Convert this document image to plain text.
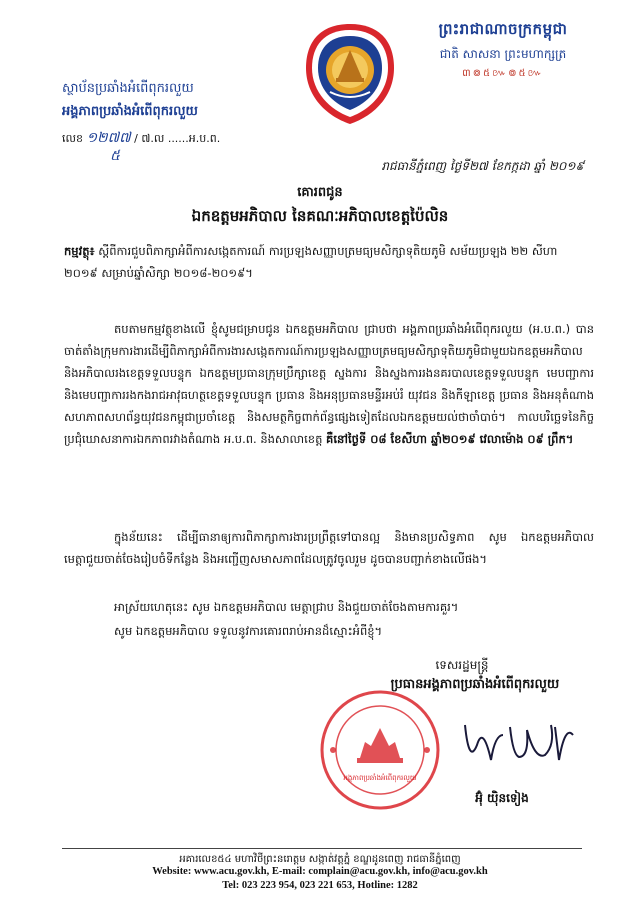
ព្រះរាជាណាចក្រកម្ពុជា
ជាតិ សាសនា ព្រះមហាក្សត្រ
៣៙៥៚៙៥៚
ស្ថាប័នប្រឆាំងអំពើពុករលួយ
អង្គភាពប្រឆាំងអំពើពុករលួយ
លេខ ១២៧៧ / ៧.ល ......អ.ប.ព.
៥
រាជធានីភ្នំពេញ ថ្ងៃទី២៧ ខែកក្កដា ឆ្នាំ ២០១៩
គោរពជូន
ឯកឧត្តមអភិបាល នៃគណៈអភិបាលខេត្តប៉ៃលិន
កម្មវត្ថុ៖ ស្តីពីការជួបពិភាក្សាអំពីការសង្កេតការណ៍ ការប្រឡងសញ្ញាបត្រមធ្យមសិក្សាទុតិយភូមិ សម័យប្រឡង ២២ សីហា ២០១៩ សម្រាប់ឆ្នាំសិក្សា ២០១៨-២០១៩។
តបតាមកម្មវត្ថុខាងលើ ខ្ញុំសូមជម្រាបជូន ឯកឧត្តមអភិបាល ជ្រាបថា អង្គភាពប្រឆាំងអំពើពុករលួយ (អ.ប.ព.) បានចាត់តាំងក្រុមការងារដើម្បីពិភាក្សាអំពីការងារសង្កេតការណ៍ការប្រឡងសញ្ញាបត្រមធ្យមសិក្សាទុតិយភូមិជាមួយឯកឧត្តមអភិបាល និងអភិបាលរងខេត្តទទួលបន្ទុក ឯកឧត្តមប្រធានក្រុមប្រឹក្សាខេត្ត ស្នងការ និងស្នងការរងនគរបាលខេត្តទទួលបន្ទុក មេបញ្ជាការ និងមេបញ្ជាការរងកងរាជអាវុធហត្ថខេត្តទទួលបន្ទុក ប្រធាន និងអនុប្រធានមន្ទីរអប់រំ យុវជន និងកីឡាខេត្ត ប្រធាន និងអនុតំណាងសហភាពសហព័ន្ធយុវជនកម្ពុជាប្រចាំខេត្ត និងសមត្ថកិច្ចពាក់ព័ន្ធផ្សេងទៀតដែលឯកឧត្តមយល់ថាចាំបាច់។ កាលបរិច្ឆេទនៃកិច្ចប្រជុំឃោសនាការឯកភាពរវាងតំណាង អ.ប.ព. និងសាលាខេត្ត គឺនៅថ្ងៃទី ០៨ ខែសីហា ឆ្នាំ២០១៩ វេលាម៉ោង ០៩ ព្រឹក។
ក្នុងន័យនេះ ដើម្បីធានាឲ្យការពិភាក្សាការងារប្រព្រឹត្តទៅបានល្អ និងមានប្រសិទ្ធភាព សូម ឯកឧត្តមអភិបាល មេត្តាជួយចាត់ចែងរៀបចំទីកន្លែង និងអញ្ជើញសមាសភាពដែលត្រូវចូលរួម ដូចបានបញ្ជាក់ខាងលើផង។
អាស្រ័យហេតុនេះ សូម ឯកឧត្តមអភិបាល មេត្តាជ្រាប និងជួយចាត់ចែងតាមការគួរ។
សូម ឯកឧត្តមអភិបាល ទទួលនូវការគោរពរាប់អានដ៏ស្មោះអំពីខ្ញុំ។
ទេសរដ្ឋមន្ត្រី
ប្រធានអង្គភាពប្រឆាំងអំពើពុករលួយ
អង្គភាពប្រឆាំងអំពើពុករលួយ
អ៊ុំ យ៉ិនទៀង
អគារលេខ៥៤ មហាវិថីព្រះនរោត្តម សង្កាត់វត្តភ្នំ ខណ្ឌដូនពេញ រាជធានីភ្នំពេញ
Website: www.acu.gov.kh, E-mail: complain@acu.gov.kh, info@acu.gov.kh
Tel: 023 223 954, 023 221 653, Hotline: 1282
